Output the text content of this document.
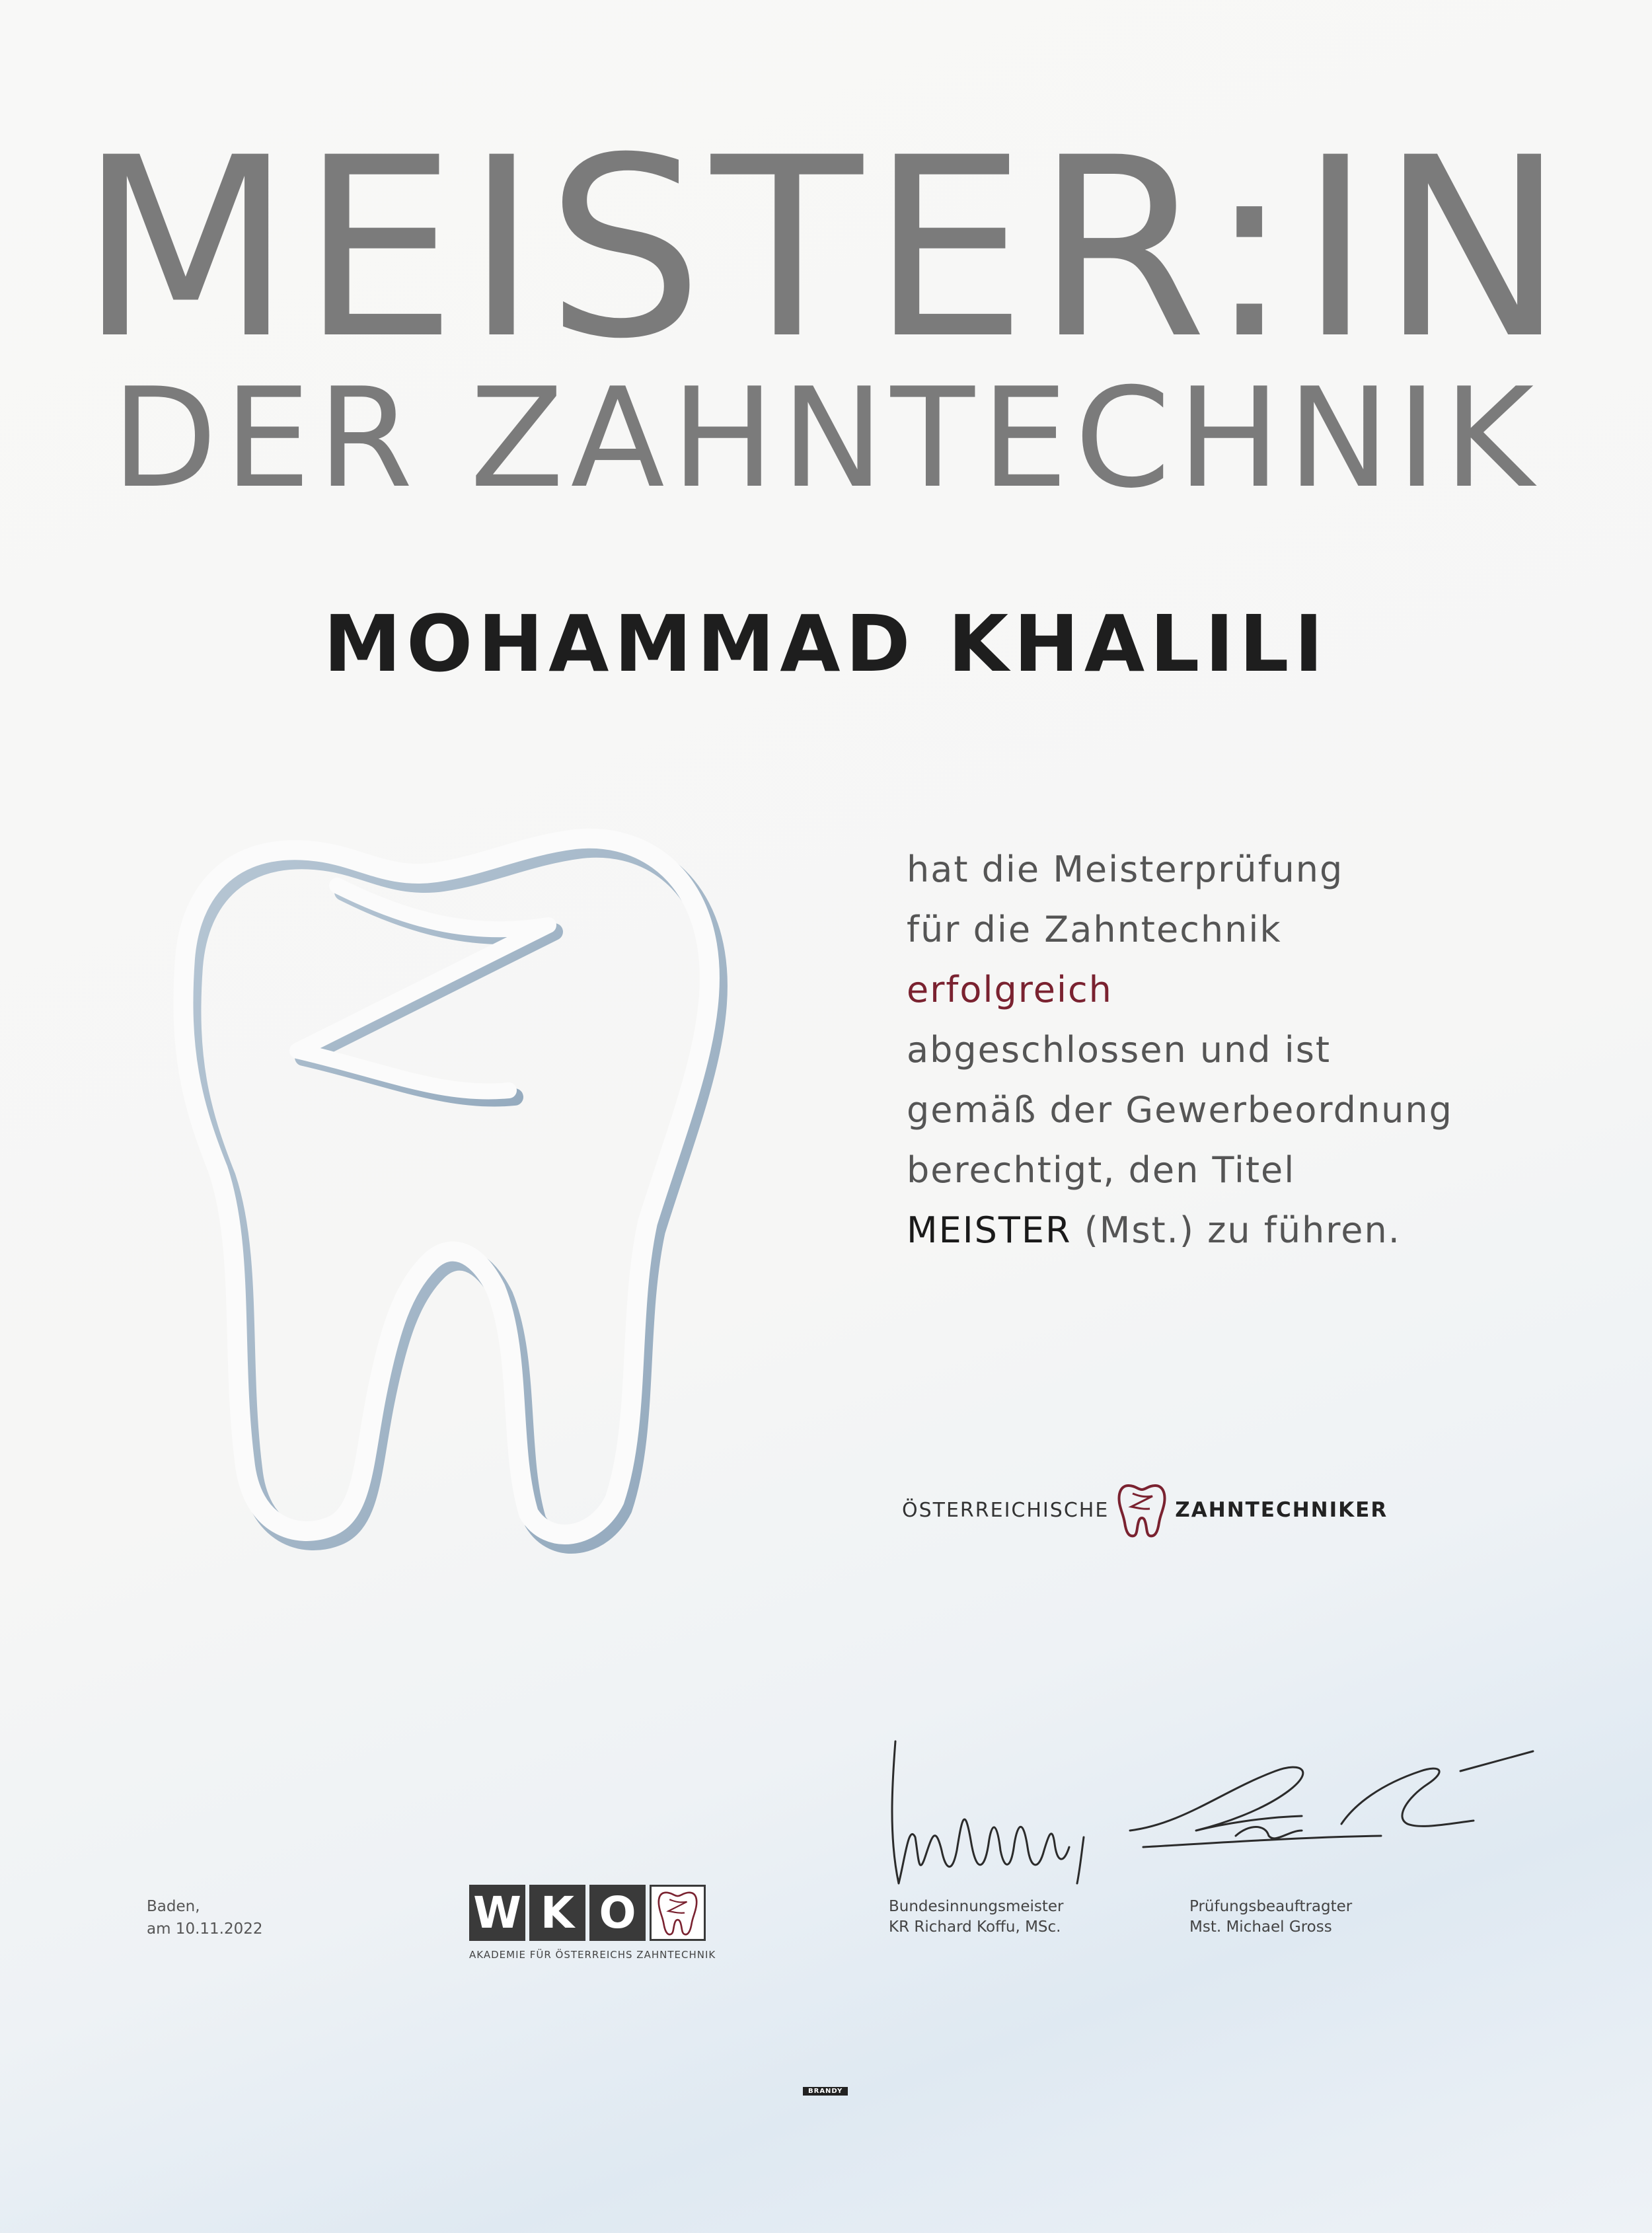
MEISTER:IN
DER ZAHNTECHNIK
MOHAMMAD KHALILI
hat die Meisterprüfung
für die Zahntechnik
erfolgreich
abgeschlossen und ist
gemäß der Gewerbeordnung
berechtigt, den Titel
MEISTER (Mst.) zu führen.
ÖSTERREICHISCHE	ZAHNTECHNIKER
Baden,
am 10.11.2022	W K O
AKADEMIE FÜR ÖSTERREICHS ZAHNTECHNIK
Bundesinnungsmeister
KR Richard Koffu, MSc.
Prüfungsbeauftragter
Mst. Michael Gross
BRANDY
